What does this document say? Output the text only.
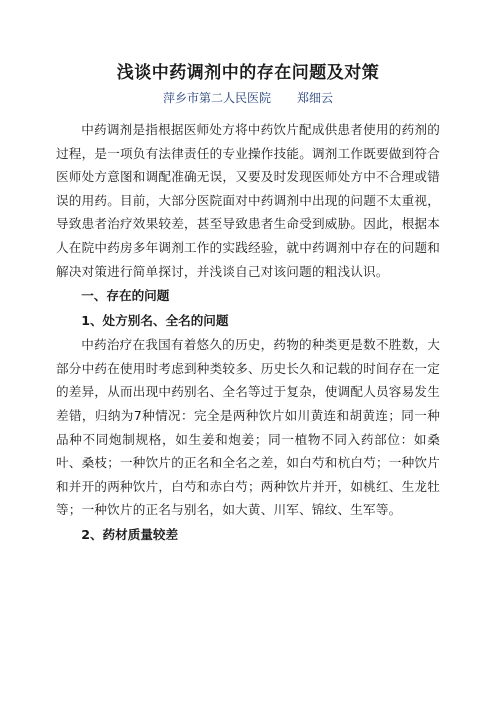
浅谈中药调剂中的存在问题及对策
萍乡市第二人民医院 郑细云

中药调剂是指根据医师处方将中药饮片配成供患者使用的药剂的过程，是一项负有法律责任的专业操作技能。调剂工作既要做到符合医师处方意图和调配准确无误，又要及时发现医师处方中不合理或错误的用药。目前，大部分医院面对中药调剂中出现的问题不太重视，导致患者治疗效果较差，甚至导致患者生命受到威胁。因此，根据本人在院中药房多年调剂工作的实践经验，就中药调剂中存在的问题和解决对策进行简单探讨，并浅谈自己对该问题的粗浅认识。

一、存在的问题
1、处方别名、全名的问题

中药治疗在我国有着悠久的历史，药物的种类更是数不胜数，大部分中药在使用时考虑到种类较多、历史长久和记载的时间存在一定的差异，从而出现中药别名、全名等过于复杂，使调配人员容易发生差错，归纳为7种情况：完全是两种饮片如川黄连和胡黄连；同一种品种不同炮制规格，如生姜和炮姜；同一植物不同入药部位：如桑叶、桑枝；一种饮片的正名和全名之差，如白芍和杭白芍；一种饮片和并开的两种饮片，白芍和赤白芍；两种饮片并开，如桃红、生龙牡等；一种饮片的正名与别名，如大黄、川军、锦纹、生军等。

2、药材质量较差
